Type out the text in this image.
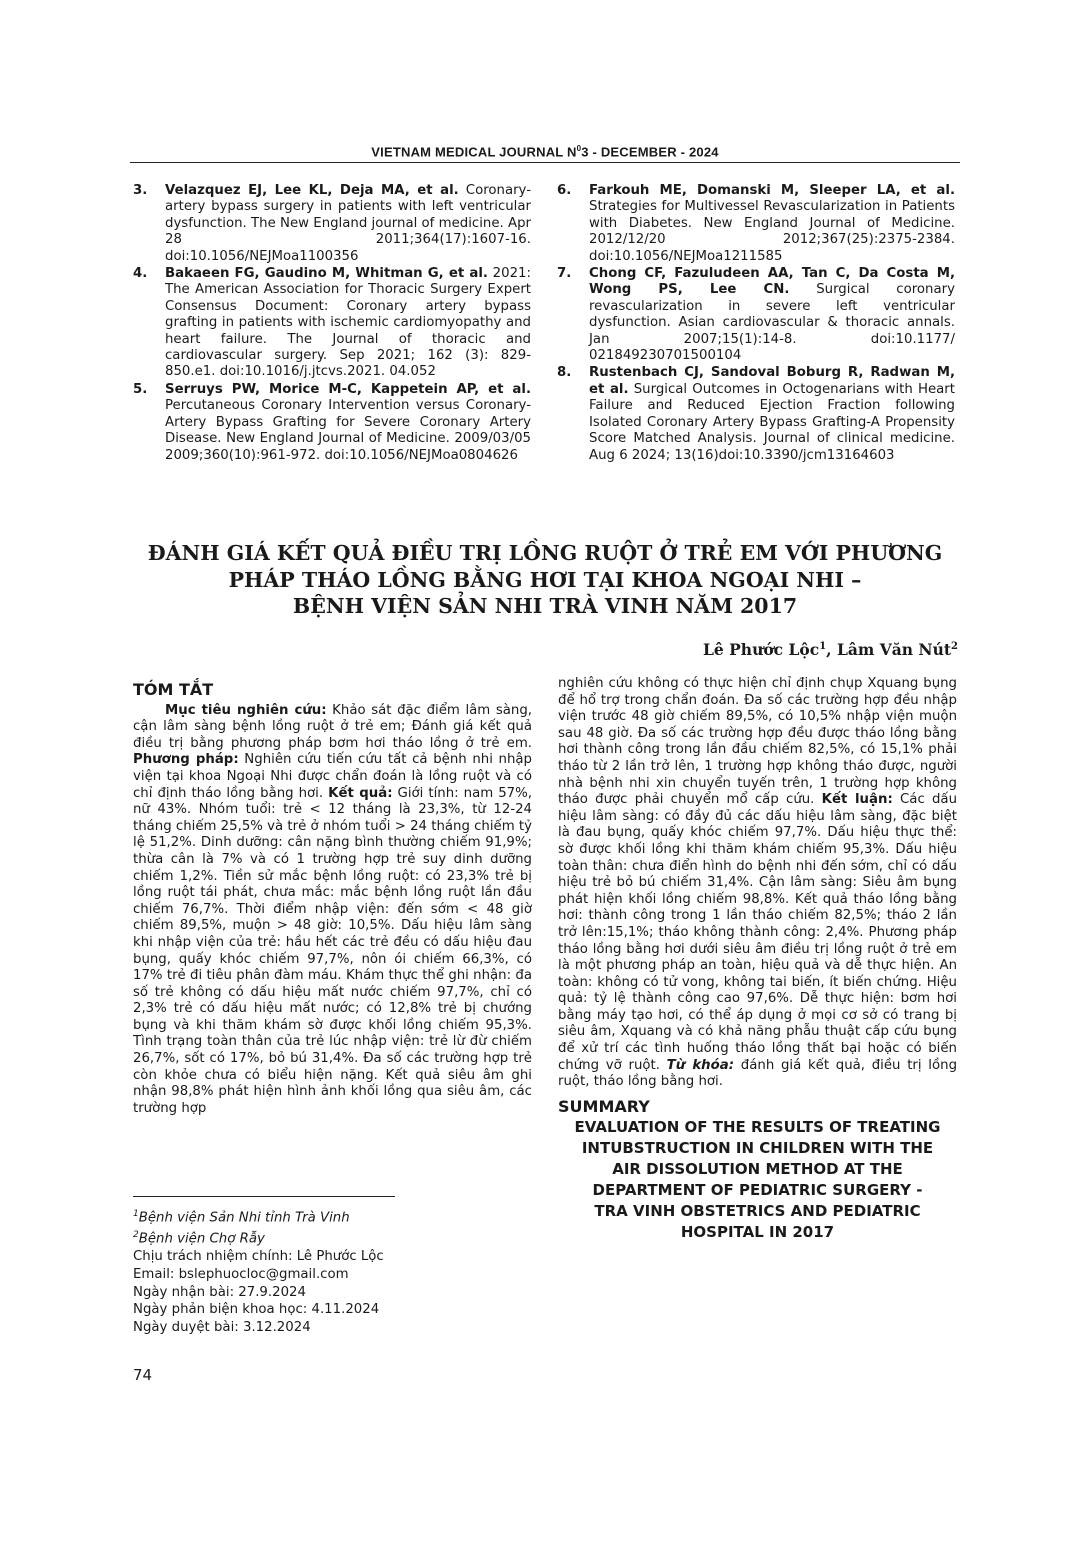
VIETNAM MEDICAL JOURNAL $N^03$ - DECEMBER - 2024
3.	Velazquez EJ, Lee KL, Deja MA, et al. Coronary-artery bypass surgery in patients with left ventricular dysfunction. The New England journal of medicine. Apr 28 2011;364(17):1607-16. doi:10.1056/NEJMoa1100356
4.	Bakaeen FG, Gaudino M, Whitman G, et al. 2021: The American Association for Thoracic Surgery Expert Consensus Document: Coronary artery bypass grafting in patients with ischemic cardiomyopathy and heart failure. The Journal of thoracic and cardiovascular surgery. Sep 2021; 162 (3): 829-850.e1. doi:10.1016/j.jtcvs.2021. 04.052
5.	Serruys PW, Morice M-C, Kappetein AP, et al. Percutaneous Coronary Intervention versus Coronary-Artery Bypass Grafting for Severe Coronary Artery Disease. New England Journal of Medicine. 2009/03/05 2009;360(10):961-972. doi:10.1056/NEJMoa0804626
6.	Farkouh ME, Domanski M, Sleeper LA, et al. Strategies for Multivessel Revascularization in Patients with Diabetes. New England Journal of Medicine. 2012/12/20 2012;367(25):2375-2384. doi:10.1056/NEJMoa1211585
7.	Chong CF, Fazuludeen AA, Tan C, Da Costa M, Wong PS, Lee CN. Surgical coronary revascularization in severe left ventricular dysfunction. Asian cardiovascular & thoracic annals. Jan 2007;15(1):14-8. doi:10.1177/ 021849230701500104
8.	Rustenbach CJ, Sandoval Boburg R, Radwan M, et al. Surgical Outcomes in Octogenarians with Heart Failure and Reduced Ejection Fraction following Isolated Coronary Artery Bypass Grafting-A Propensity Score Matched Analysis. Journal of clinical medicine. Aug 6 2024; 13(16)doi:10.3390/jcm13164603
ĐÁNH GIÁ KẾT QUẢ ĐIỀU TRỊ LỒNG RUỘT Ở TRẺ EM VỚI PHƯƠNG
PHÁP THÁO LỒNG BẰNG HƠI TẠI KHOA NGOẠI NHI –
BỆNH VIỆN SẢN NHI TRÀ VINH NĂM 2017
Lê Phước Lộc$^1$, Lâm Văn Nút$^2$
TÓM TẮT

Mục tiêu nghiên cứu: Khảo sát đặc điểm lâm sàng, cận lâm sàng bệnh lồng ruột ở trẻ em; Đánh giá kết quả điều trị bằng phương pháp bơm hơi tháo lồng ở trẻ em. Phương pháp: Nghiên cứu tiến cứu tất cả bệnh nhi nhập viện tại khoa Ngoại Nhi được chẩn đoán là lồng ruột và có chỉ định tháo lồng bằng hơi. Kết quả: Giới tính: nam 57%, nữ 43%. Nhóm tuổi: trẻ < 12 tháng là 23,3%, từ 12-24 tháng chiếm 25,5% và trẻ ở nhóm tuổi > 24 tháng chiếm tỷ lệ 51,2%. Dinh dưỡng: cân nặng bình thường chiếm 91,9%; thừa cân là 7% và có 1 trường hợp trẻ suy dinh dưỡng chiếm 1,2%. Tiền sử mắc bệnh lồng ruột: có 23,3% trẻ bị lồng ruột tái phát, chưa mắc: mắc bệnh lồng ruột lần đầu chiếm 76,7%. Thời điểm nhập viện: đến sớm < 48 giờ chiếm 89,5%, muộn > 48 giờ: 10,5%. Dấu hiệu lâm sàng khi nhập viện của trẻ: hầu hết các trẻ đều có dấu hiệu đau bụng, quấy khóc chiếm 97,7%, nôn ói chiếm 66,3%, có 17% trẻ đi tiêu phân đàm máu. Khám thực thể ghi nhận: đa số trẻ không có dấu hiệu mất nước chiếm 97,7%, chỉ có 2,3% trẻ có dấu hiệu mất nước; có 12,8% trẻ bị chướng bụng và khi thăm khám sờ được khối lồng chiếm 95,3%. Tình trạng toàn thân của trẻ lúc nhập viện: trẻ lừ đừ chiếm 26,7%, sốt có 17%, bỏ bú 31,4%. Đa số các trường hợp trẻ còn khỏe chưa có biểu hiện nặng. Kết quả siêu âm ghi nhận 98,8% phát hiện hình ảnh khối lồng qua siêu âm, các trường hợp

nghiên cứu không có thực hiện chỉ định chụp Xquang bụng để hổ trợ trong chẩn đoán. Đa số các trường hợp đều nhập viện trước 48 giờ chiếm 89,5%, có 10,5% nhập viện muộn sau 48 giờ. Đa số các trường hợp đều được tháo lồng bằng hơi thành công trong lần đầu chiếm 82,5%, có 15,1% phải tháo từ 2 lần trở lên, 1 trường hợp không tháo được, người nhà bệnh nhi xin chuyển tuyến trên, 1 trường hợp không tháo được phải chuyển mổ cấp cứu. Kết luận: Các dấu hiệu lâm sàng: có đầy đủ các dấu hiệu lâm sàng, đặc biệt là đau bụng, quấy khóc chiếm 97,7%. Dấu hiệu thực thể: sờ được khối lồng khi thăm khám chiếm 95,3%. Dấu hiệu toàn thân: chưa điển hình do bệnh nhi đến sớm, chỉ có dấu hiệu trẻ bỏ bú chiếm 31,4%. Cận lâm sàng: Siêu âm bụng phát hiện khối lồng chiếm 98,8%. Kết quả tháo lồng bằng hơi: thành công trong 1 lần tháo chiếm 82,5%; tháo 2 lần trở lên:15,1%; tháo không thành công: 2,4%. Phương pháp tháo lồng bằng hơi dưới siêu âm điều trị lồng ruột ở trẻ em là một phương pháp an toàn, hiệu quả và dễ thực hiện. An toàn: không có tử vong, không tai biến, ít biến chứng. Hiệu quả: tỷ lệ thành công cao 97,6%. Dễ thực hiện: bơm hơi bằng máy tạo hơi, có thể áp dụng ở mọi cơ sở có trang bị siêu âm, Xquang và có khả năng phẫu thuật cấp cứu bụng để xử trí các tình huống tháo lồng thất bại hoặc có biến chứng vỡ ruột. Từ khóa: đánh giá kết quả, điều trị lồng ruột, tháo lồng bằng hơi.

SUMMARY
EVALUATION OF THE RESULTS OF TREATING
INTUBSTRUCTION IN CHILDREN WITH THE
AIR DISSOLUTION METHOD AT THE
DEPARTMENT OF PEDIATRIC SURGERY -
TRA VINH OBSTETRICS AND PEDIATRIC
HOSPITAL IN 2017
$^1$Bệnh viện Sản Nhi tỉnh Trà Vinh
$^2$Bệnh viện Chợ Rẫy
Chịu trách nhiệm chính: Lê Phước Lộc
Email: bslephuocloc@gmail.com
Ngày nhận bài: 27.9.2024
Ngày phản biện khoa học: 4.11.2024
Ngày duyệt bài: 3.12.2024
74
